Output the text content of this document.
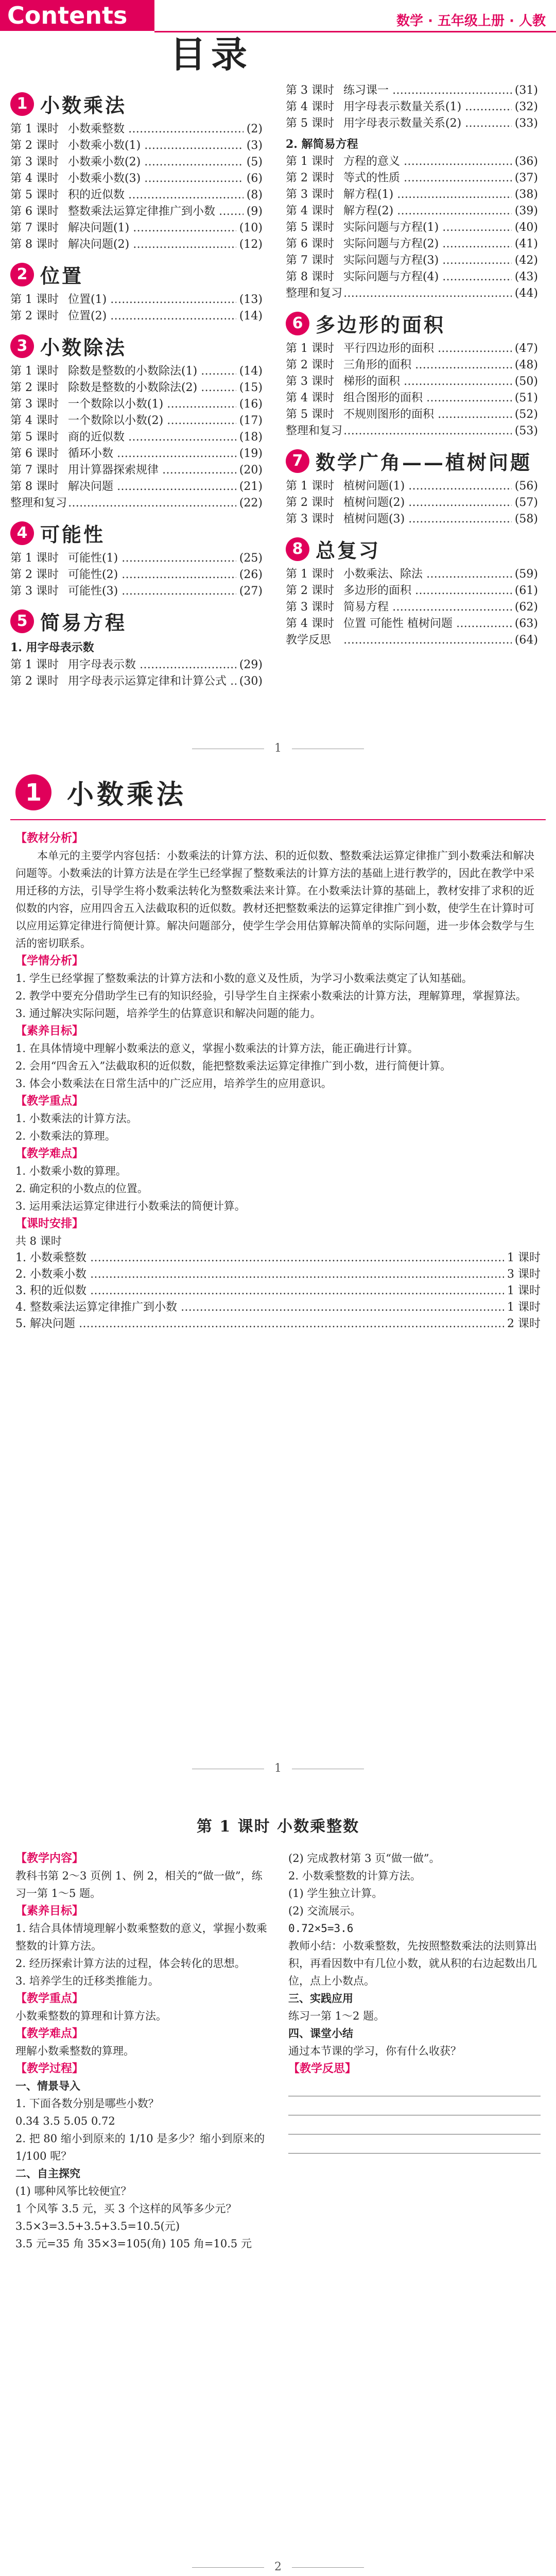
Contents
目录
数学 · 五年级上册 · 人教
1 小数乘法
第 1 课时 小数乘整数 ……………………………………………………………………………………………………………………………	(2)
第 2 课时 小数乘小数(1) ……………………………………………………………………………………………………………………………	(3)
第 3 课时 小数乘小数(2) ……………………………………………………………………………………………………………………………	(5)
第 4 课时 小数乘小数(3) ……………………………………………………………………………………………………………………………	(6)
第 5 课时 积的近似数 ……………………………………………………………………………………………………………………………	(8)
第 6 课时 整数乘法运算定律推广到小数 ……………………………………………………………………………………………………………………………	(9)
第 7 课时 解决问题(1) ……………………………………………………………………………………………………………………………	(10)
第 8 课时 解决问题(2) ……………………………………………………………………………………………………………………………	(12)
2 位置
第 1 课时 位置(1) ……………………………………………………………………………………………………………………………	(13)
第 2 课时 位置(2) ……………………………………………………………………………………………………………………………	(14)
3 小数除法
第 1 课时 除数是整数的小数除法(1) ……………………………………………………………………………………………………………………………	(14)
第 2 课时 除数是整数的小数除法(2) ……………………………………………………………………………………………………………………………	(15)
第 3 课时 一个数除以小数(1) ……………………………………………………………………………………………………………………………	(16)
第 4 课时 一个数除以小数(2) ……………………………………………………………………………………………………………………………	(17)
第 5 课时 商的近似数 ……………………………………………………………………………………………………………………………	(18)
第 6 课时 循环小数 ……………………………………………………………………………………………………………………………	(19)
第 7 课时 用计算器探索规律 ……………………………………………………………………………………………………………………………	(20)
第 8 课时 解决问题 ……………………………………………………………………………………………………………………………	(21)
整理和复习 ……………………………………………………………………………………………………………………………	(22)
4 可能性
第 1 课时 可能性(1) ……………………………………………………………………………………………………………………………	(25)
第 2 课时 可能性(2) ……………………………………………………………………………………………………………………………	(26)
第 3 课时 可能性(3) ……………………………………………………………………………………………………………………………	(27)
5 简易方程
1. 用字母表示数
第 1 课时 用字母表示数 ……………………………………………………………………………………………………………………………	(29)
第 2 课时 用字母表示运算定律和计算公式 ……………………………………………………………………………………………………………………………	(30)
第 3 课时 练习课一 ……………………………………………………………………………………………………………………………	(31)
第 4 课时 用字母表示数量关系(1) ……………………………………………………………………………………………………………………………	(32)
第 5 课时 用字母表示数量关系(2) ……………………………………………………………………………………………………………………………	(33)
2. 解简易方程
第 1 课时 方程的意义 ……………………………………………………………………………………………………………………………	(36)
第 2 课时 等式的性质 ……………………………………………………………………………………………………………………………	(37)
第 3 课时 解方程(1) ……………………………………………………………………………………………………………………………	(38)
第 4 课时 解方程(2) ……………………………………………………………………………………………………………………………	(39)
第 5 课时 实际问题与方程(1) ……………………………………………………………………………………………………………………………	(40)
第 6 课时 实际问题与方程(2) ……………………………………………………………………………………………………………………………	(41)
第 7 课时 实际问题与方程(3) ……………………………………………………………………………………………………………………………	(42)
第 8 课时 实际问题与方程(4) ……………………………………………………………………………………………………………………………	(43)
整理和复习 ……………………………………………………………………………………………………………………………	(44)
6 多边形的面积
第 1 课时 平行四边形的面积 ……………………………………………………………………………………………………………………………	(47)
第 2 课时 三角形的面积 ……………………………………………………………………………………………………………………………	(48)
第 3 课时 梯形的面积 ……………………………………………………………………………………………………………………………	(50)
第 4 课时 组合图形的面积 ……………………………………………………………………………………………………………………………	(51)
第 5 课时 不规则图形的面积 ……………………………………………………………………………………………………………………………	(52)
整理和复习 ……………………………………………………………………………………………………………………………	(53)
7 数学广角——植树问题
第 1 课时 植树问题(1) ……………………………………………………………………………………………………………………………	(56)
第 2 课时 植树问题(2) ……………………………………………………………………………………………………………………………	(57)
第 3 课时 植树问题(3) ……………………………………………………………………………………………………………………………	(58)
8 总复习
第 1 课时 小数乘法、除法 ……………………………………………………………………………………………………………………………	(59)
第 2 课时 多边形的面积 ……………………………………………………………………………………………………………………………	(61)
第 3 课时 简易方程 ……………………………………………………………………………………………………………………………	(62)
第 4 课时 位置 可能性 植树问题 ……………………………………………………………………………………………………………………………	(63)
教学反思 ……………………………………………………………………………………………………………………………	(64)
1
1 小数乘法
【教材分析】
本单元的主要学内容包括：小数乘法的计算方法、积的近似数、整数乘法运算定律推广到小数乘法和解决问题等。小数乘法的计算方法是在学生已经掌握了整数乘法的计算方法的基础上进行教学的，因此在教学中采用迁移的方法，引导学生将小数乘法转化为整数乘法来计算。在小数乘法计算的基础上，教材安排了求积的近似数的内容，应用四舍五入法截取积的近似数。教材还把整数乘法的运算定律推广到小数，使学生在计算时可以应用运算定律进行简便计算。解决问题部分，使学生学会用估算解决简单的实际问题，进一步体会数学与生活的密切联系。
【学情分析】
1. 学生已经掌握了整数乘法的计算方法和小数的意义及性质，为学习小数乘法奠定了认知基础。
2. 教学中要充分借助学生已有的知识经验，引导学生自主探索小数乘法的计算方法，理解算理，掌握算法。
3. 通过解决实际问题，培养学生的估算意识和解决问题的能力。
【素养目标】
1. 在具体情境中理解小数乘法的意义，掌握小数乘法的计算方法，能正确进行计算。
2. 会用“四舍五入”法截取积的近似数，能把整数乘法运算定律推广到小数，进行简便计算。
3. 体会小数乘法在日常生活中的广泛应用，培养学生的应用意识。
【教学重点】
1. 小数乘法的计算方法。
2. 小数乘法的算理。
【教学难点】
1. 小数乘小数的算理。
2. 确定积的小数点的位置。
3. 运用乘法运算定律进行小数乘法的简便计算。
【课时安排】
共 8 课时
1. 小数乘整数 ……………………………………………………………………………………………………………………………	1 课时
2. 小数乘小数 ……………………………………………………………………………………………………………………………	3 课时
3. 积的近似数 ……………………………………………………………………………………………………………………………	1 课时
4. 整数乘法运算定律推广到小数 ……………………………………………………………………………………………………………………………	1 课时
5. 解决问题 ……………………………………………………………………………………………………………………………	2 课时
1
第 1 课时 小数乘整数
【教学内容】
教科书第 2～3 页例 1、例 2，相关的“做一做”，练习一第 1～5 题。
【素养目标】
1. 结合具体情境理解小数乘整数的意义，掌握小数乘整数的计算方法。
2. 经历探索计算方法的过程，体会转化的思想。
3. 培养学生的迁移类推能力。
【教学重点】
小数乘整数的算理和计算方法。
【教学难点】
理解小数乘整数的算理。
【教学过程】
一、情景导入
1. 下面各数分别是哪些小数？
0.34 3.5 5.05 0.72
2. 把 80 缩小到原来的 1/10 是多少？缩小到原来的 1/100 呢？
二、自主探究
(1) 哪种风筝比较便宜？
1 个风筝 3.5 元，买 3 个这样的风筝多少元？
3.5×3=3.5+3.5+3.5=10.5(元)
3.5 元=35 角 35×3=105(角) 105 角=10.5 元
(2) 完成教材第 3 页“做一做”。
2. 小数乘整数的计算方法。
(1) 学生独立计算。
(2) 交流展示。
0.72×5=3.6
教师小结：小数乘整数，先按照整数乘法的法则算出积，再看因数中有几位小数，就从积的右边起数出几位，点上小数点。
三、实践应用
练习一第 1～2 题。
四、课堂小结
通过本节课的学习，你有什么收获？
【教学反思】
2
